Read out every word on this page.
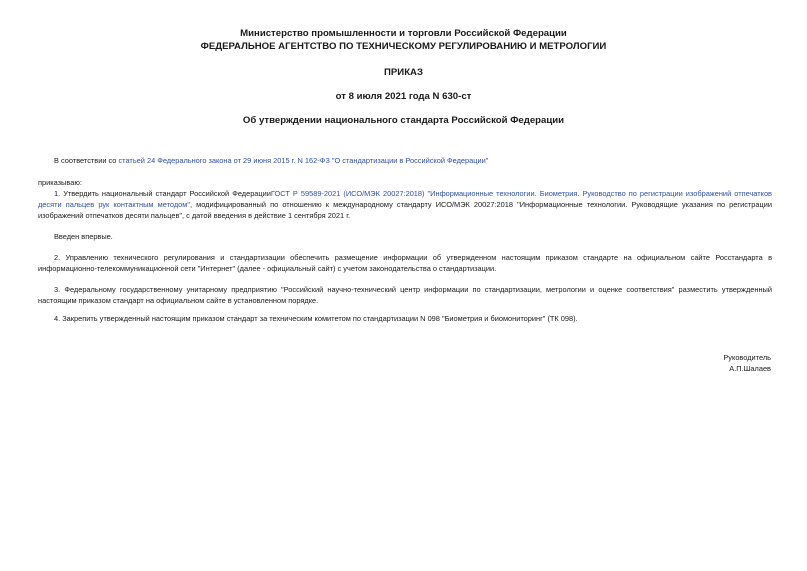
Министерство промышленности и торговли Российской Федерации
ФЕДЕРАЛЬНОЕ АГЕНТСТВО ПО ТЕХНИЧЕСКОМУ РЕГУЛИРОВАНИЮ И МЕТРОЛОГИИ
ПРИКАЗ
от 8 июля 2021 года N 630-ст
Об утверждении национального стандарта Российской Федерации
В соответствии со статьей 24 Федерального закона от 29 июня 2015 г. N 162-ФЗ "О стандартизации в Российской Федерации"
приказываю:
1. Утвердить национальный стандарт Российской ФедерацииГОСТ Р 59589-2021 (ИСО/МЭК 20027:2018) "Информационные технологии. Биометрия. Руководство по регистрации изображений отпечатков десяти пальцев рук контактным методом", модифицированный по отношению к международному стандарту ИСО/МЭК 20027:2018 "Информационные технологии. Руководящие указания по регистрации изображений отпечатков десяти пальцев", с датой введения в действие 1 сентября 2021 г.
Введен впервые.
2. Управлению технического регулирования и стандартизации обеспечить размещение информации об утвержденном настоящим приказом стандарте на официальном сайте Росстандарта в информационно-телекоммуникационной сети "Интернет" (далее - официальный сайт) с учетом законодательства о стандартизации.
3. Федеральному государственному унитарному предприятию "Российский научно-технический центр информации по стандартизации, метрологии и оценке соответствия" разместить утвержденный настоящим приказом стандарт на официальном сайте в установленном порядке.
4. Закрепить утвержденный настоящим приказом стандарт за техническим комитетом по стандартизации N 098 "Биометрия и биомониторинг" (ТК 098).
Руководитель
А.П.Шалаев
